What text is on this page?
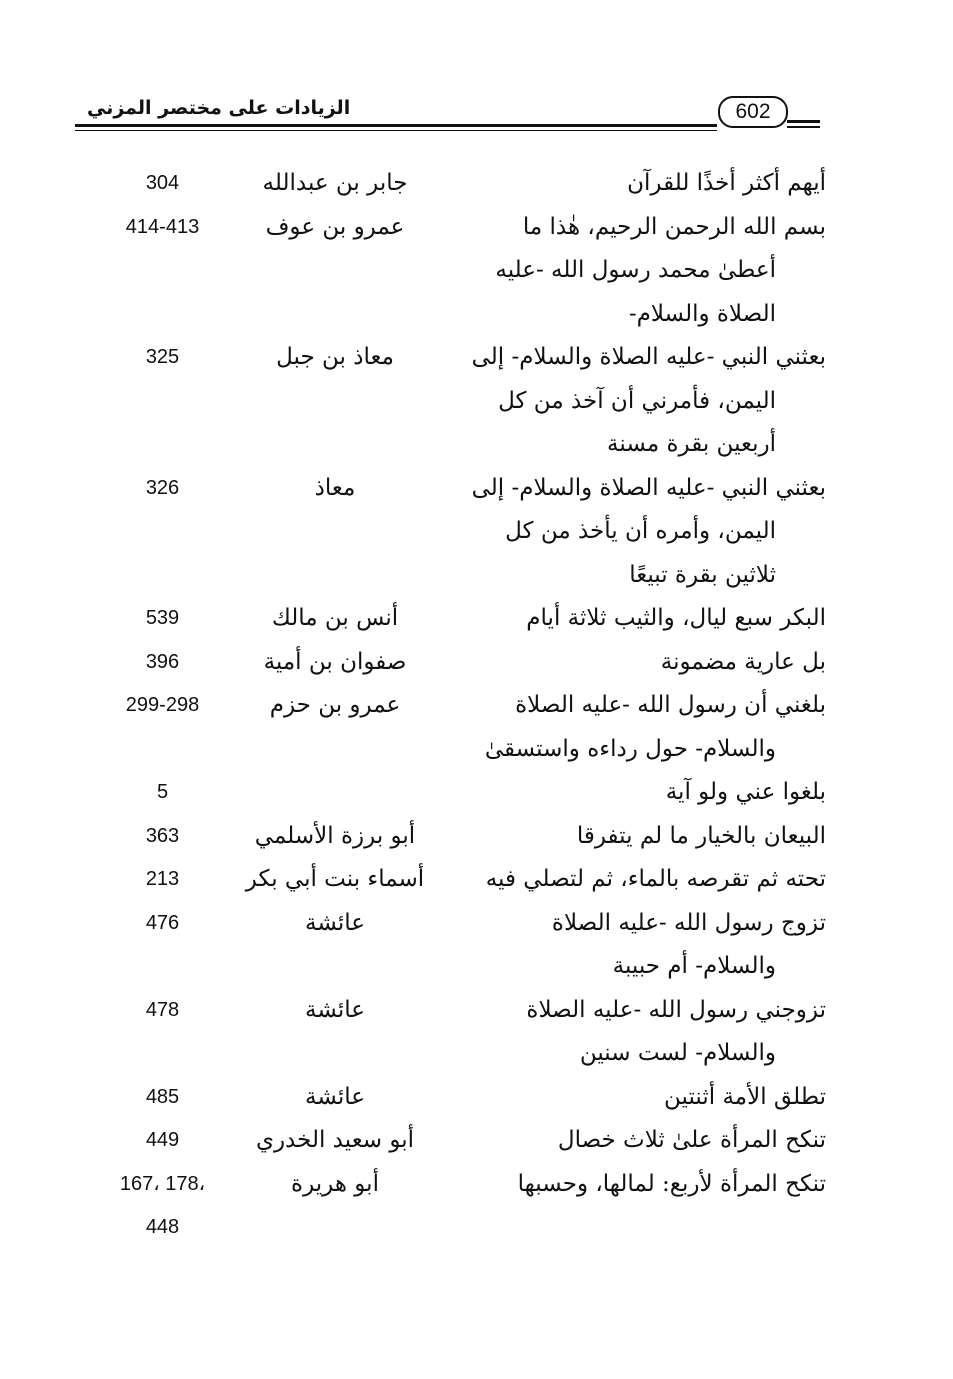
الزيادات على مختصر المزني	602
أيهم أكثر أخذًا للقرآن
جابر بن عبدالله
304
بسم الله الرحمن الرحيم، هٰذا ما
أعطىٰ محمد رسول الله -عليه
الصلاة والسلام-
عمرو بن عوف
414-413
بعثني النبي -عليه الصلاة والسلام- إلى
اليمن، فأمرني أن آخذ من كل
أربعين بقرة مسنة
معاذ بن جبل
325
بعثني النبي -عليه الصلاة والسلام- إلى
اليمن، وأمره أن يأخذ من كل
ثلاثين بقرة تبيعًا
معاذ
326
البكر سبع ليال، والثيب ثلاثة أيام
أنس بن مالك
539
بل عارية مضمونة
صفوان بن أمية
396
بلغني أن رسول الله -عليه الصلاة
والسلام- حول رداءه واستسقىٰ
عمرو بن حزم
299-298
بلغوا عني ولو آية
5
البيعان بالخيار ما لم يتفرقا
أبو برزة الأسلمي
363
تحته ثم تقرصه بالماء، ثم لتصلي فيه
أسماء بنت أبي بكر
213
تزوج رسول الله -عليه الصلاة
والسلام- أم حبيبة
عائشة
476
تزوجني رسول الله -عليه الصلاة
والسلام- لست سنين
عائشة
478
تطلق الأمة أثنتين
عائشة
485
تنكح المرأة علىٰ ثلاث خصال
أبو سعيد الخدري
449
تنكح المرأة لأربع: لمالها، وحسبها
أبو هريرة
167، 178،
448
